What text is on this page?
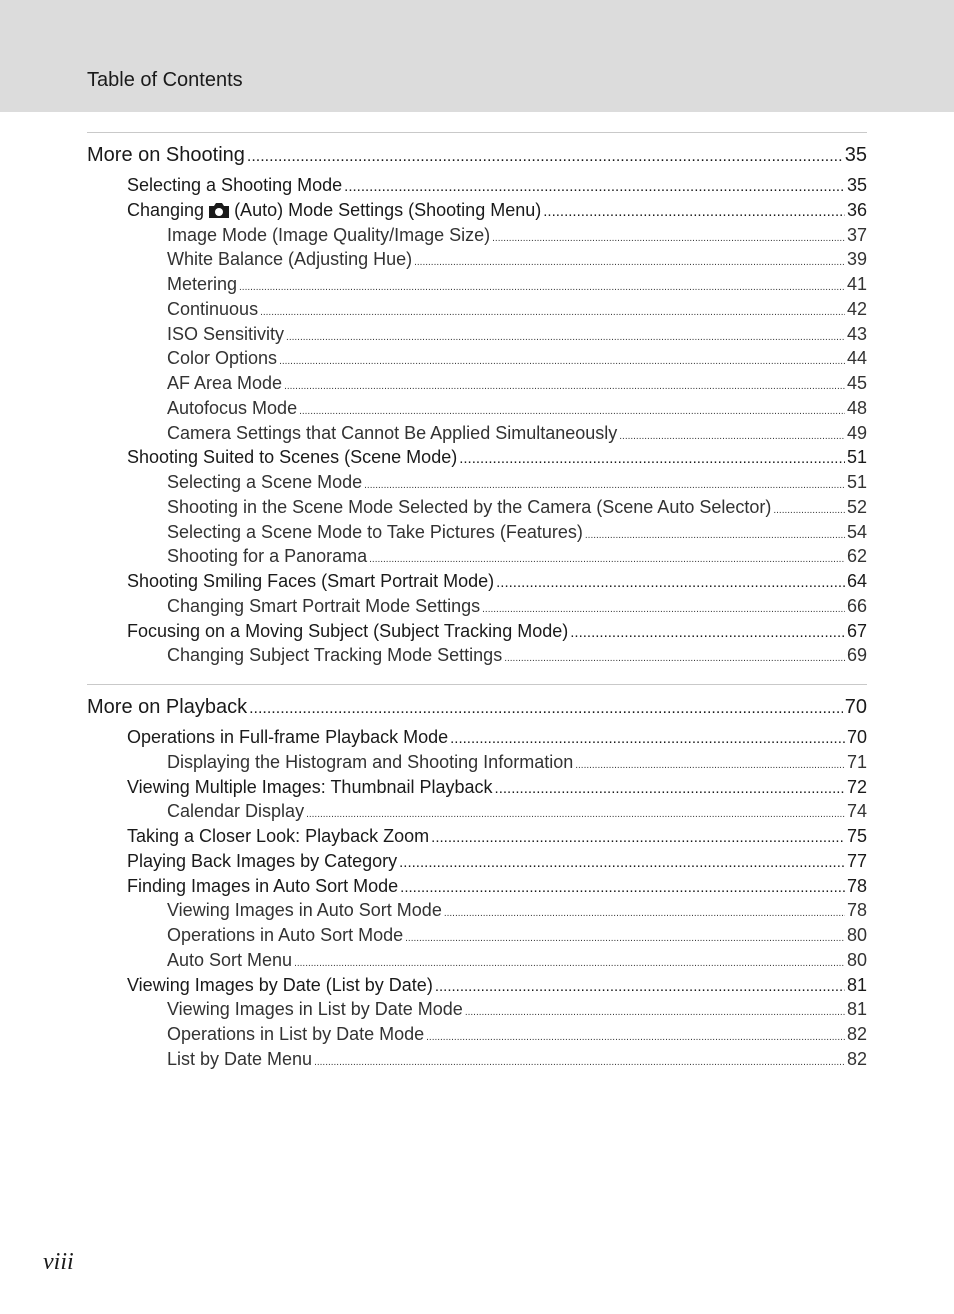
Table of Contents
More on Shooting .....	35
Selecting a Shooting Mode .....	35
Changing (Auto) Mode Settings (Shooting Menu) .....	36
Image Mode (Image Quality/Image Size) .....	37
White Balance (Adjusting Hue) .....	39
Metering .....	41
Continuous .....	42
ISO Sensitivity .....	43
Color Options .....	44
AF Area Mode .....	45
Autofocus Mode .....	48
Camera Settings that Cannot Be Applied Simultaneously .....	49
Shooting Suited to Scenes (Scene Mode) .....	51
Selecting a Scene Mode .....	51
Shooting in the Scene Mode Selected by the Camera (Scene Auto Selector) .....	52
Selecting a Scene Mode to Take Pictures (Features) .....	54
Shooting for a Panorama .....	62
Shooting Smiling Faces (Smart Portrait Mode) .....	64
Changing Smart Portrait Mode Settings .....	66
Focusing on a Moving Subject (Subject Tracking Mode) .....	67
Changing Subject Tracking Mode Settings .....	69
More on Playback .....	70
Operations in Full-frame Playback Mode .....	70
Displaying the Histogram and Shooting Information .....	71
Viewing Multiple Images: Thumbnail Playback .....	72
Calendar Display .....	74
Taking a Closer Look: Playback Zoom .....	75
Playing Back Images by Category .....	77
Finding Images in Auto Sort Mode .....	78
Viewing Images in Auto Sort Mode .....	78
Operations in Auto Sort Mode .....	80
Auto Sort Menu .....	80
Viewing Images by Date (List by Date) .....	81
Viewing Images in List by Date Mode .....	81
Operations in List by Date Mode .....	82
List by Date Menu .....	82
viii
